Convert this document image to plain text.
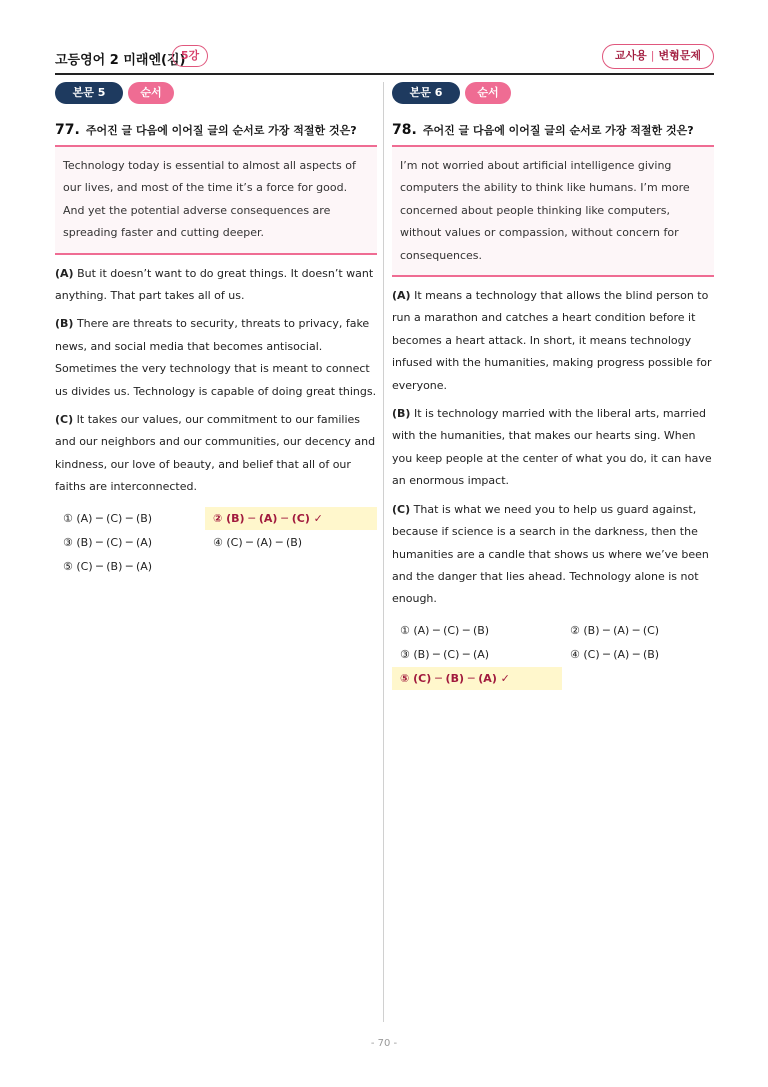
고등영어 2 미래엔(김)
5강	교사용 | 변형문제
본문 5	순서
77. 주어진 글 다음에 이어질 글의 순서로 가장 적절한 것은?
Technology today is essential to almost all aspects of our lives, and most of the time it’s a force for good. And yet the potential adverse consequences are spreading faster and cutting deeper.

(A) But it doesn’t want to do great things. It doesn’t want anything. That part takes all of us.

(B) There are threats to security, threats to privacy, fake news, and social media that becomes antisocial. Sometimes the very technology that is meant to connect us divides us. Technology is capable of doing great things.

(C) It takes our values, our commitment to our families and our neighbors and our communities, our decency and kindness, our love of beauty, and belief that all of our faiths are interconnected.

① (A) ─ (C) ─ (B)	② (B) ─ (A) ─ (C) ✓
③ (B) ─ (C) ─ (A)	④ (C) ─ (A) ─ (B)
⑤ (C) ─ (B) ─ (A)
본문 6	순서
78. 주어진 글 다음에 이어질 글의 순서로 가장 적절한 것은?
I’m not worried about artificial intelligence giving computers the ability to think like humans. I’m more concerned about people thinking like computers, without values or compassion, without concern for consequences.

(A) It means a technology that allows the blind person to run a marathon and catches a heart condition before it becomes a heart attack. In short, it means technology infused with the humanities, making progress possible for everyone.

(B) It is technology married with the liberal arts, married with the humanities, that makes our hearts sing. When you keep people at the center of what you do, it can have an enormous impact.

(C) That is what we need you to help us guard against, because if science is a search in the darkness, then the humanities are a candle that shows us where we’ve been and the danger that lies ahead. Technology alone is not enough.

① (A) ─ (C) ─ (B)	② (B) ─ (A) ─ (C)
③ (B) ─ (C) ─ (A)	④ (C) ─ (A) ─ (B)
⑤ (C) ─ (B) ─ (A) ✓
- 70 -
